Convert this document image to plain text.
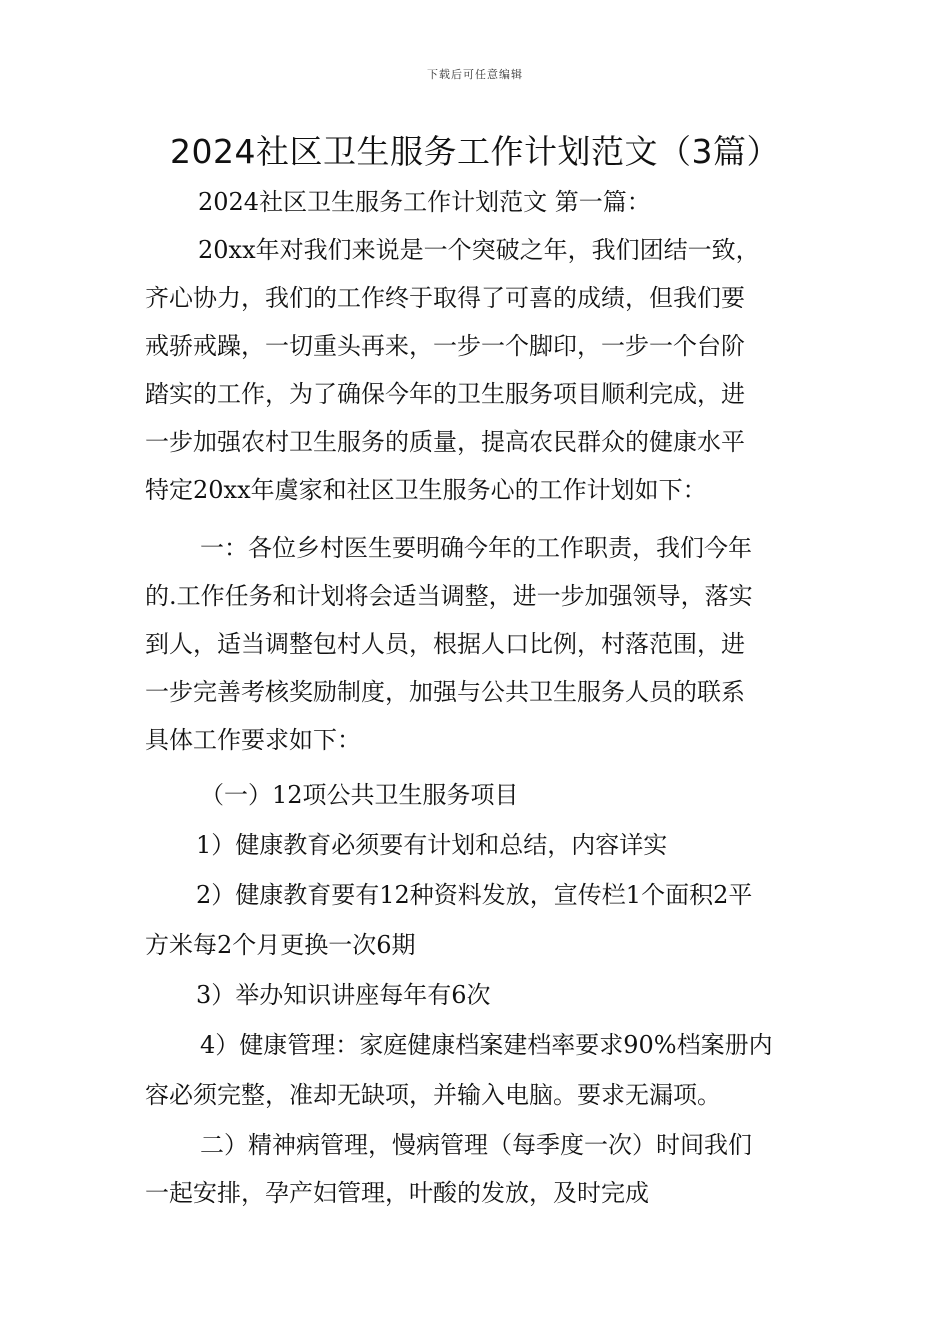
下载后可任意编辑
2024社区卫生服务工作计划范文（3篇）
2024社区卫生服务工作计划范文 第一篇：
20xx年对我们来说是一个突破之年，我们团结一致，
齐心协力，我们的工作终于取得了可喜的成绩，但我们要
戒骄戒躁，一切重头再来，一步一个脚印，一步一个台阶
踏实的工作，为了确保今年的卫生服务项目顺利完成，进
一步加强农村卫生服务的质量，提高农民群众的健康水平
特定20xx年虞家和社区卫生服务心的工作计划如下：
一：各位乡村医生要明确今年的工作职责，我们今年
的.工作任务和计划将会适当调整，进一步加强领导，落实
到人，适当调整包村人员，根据人口比例，村落范围，进
一步完善考核奖励制度，加强与公共卫生服务人员的联系
具体工作要求如下：
（一）12项公共卫生服务项目
1）健康教育必须要有计划和总结，内容详实
2）健康教育要有12种资料发放，宣传栏1个面积2平
方米每2个月更换一次6期
3）举办知识讲座每年有6次
4）健康管理：家庭健康档案建档率要求90%档案册内
容必须完整，准却无缺项，并输入电脑。要求无漏项。
二）精神病管理，慢病管理（每季度一次）时间我们
一起安排，孕产妇管理，叶酸的发放，及时完成
